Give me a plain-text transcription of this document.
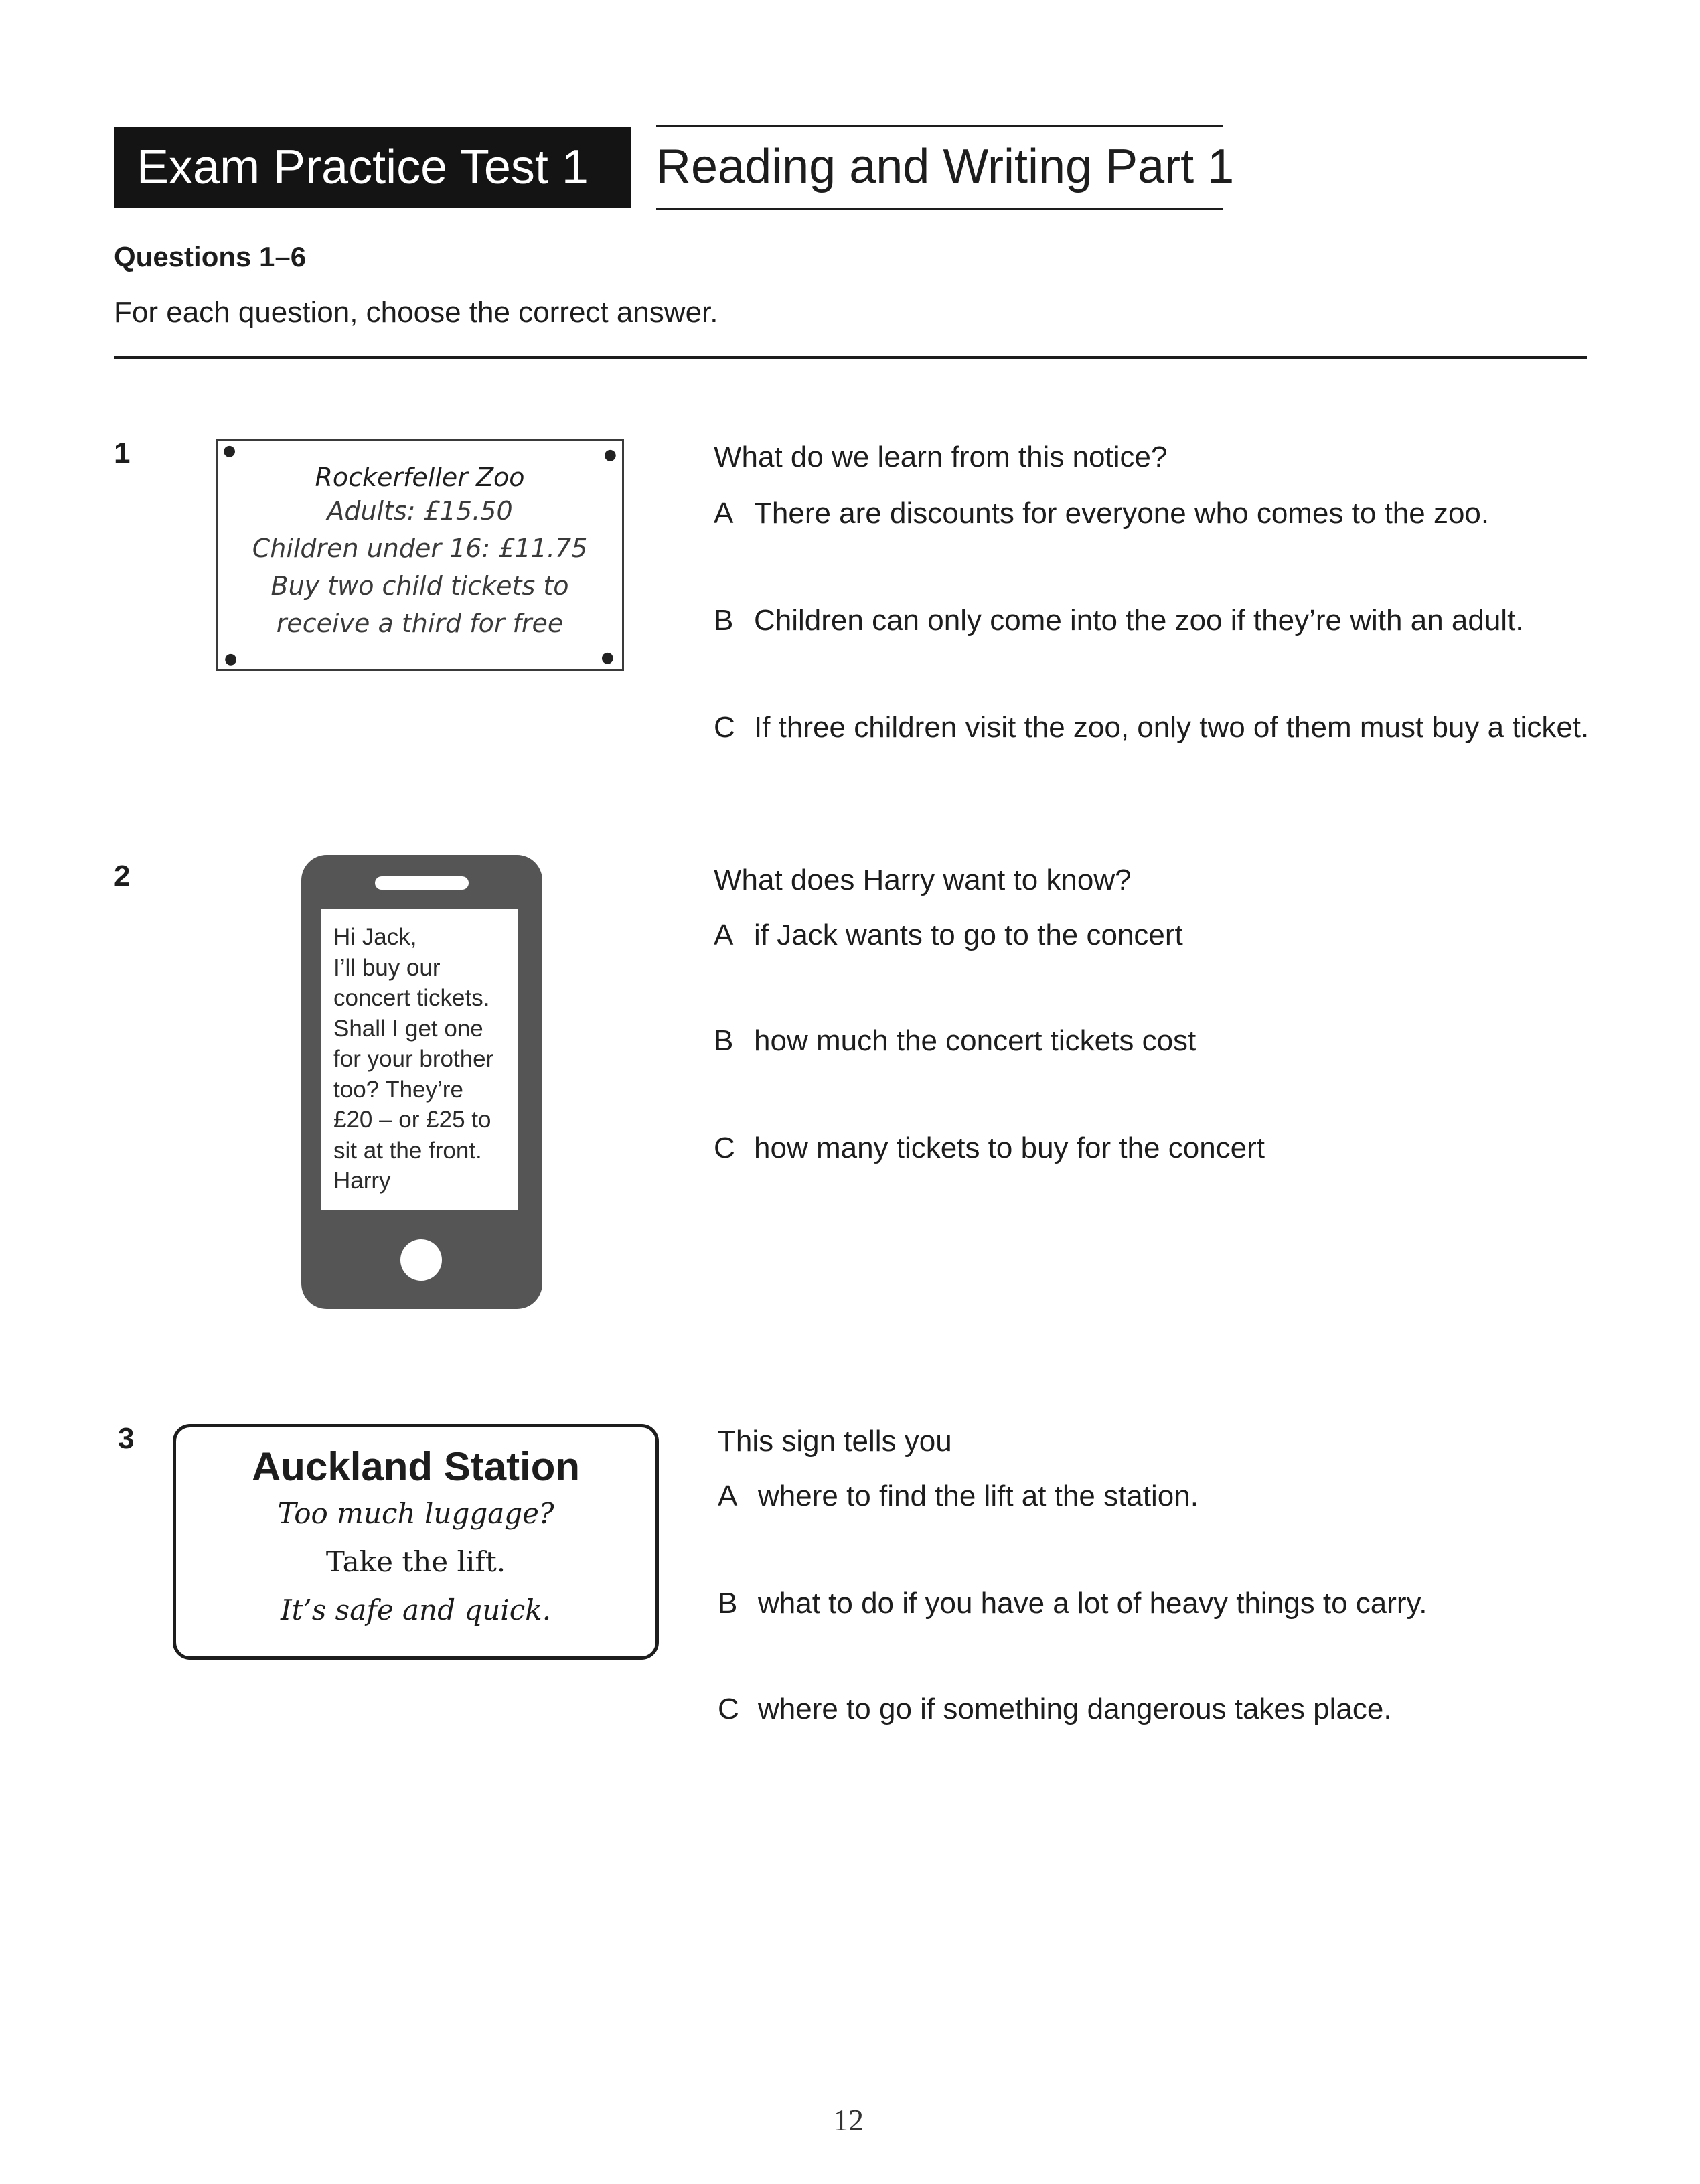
Exam Practice Test 1	Reading and Writing Part 1
Questions 1–6
For each question, choose the correct answer.
1	●	●
●	●
Rockerfeller Zoo
Adults: £15.50
Children under 16: £11.75
Buy two child tickets to
receive a third for free
What do we learn from this notice?
A There are discounts for everyone who comes to the zoo.
B Children can only come into the zoo if they’re with an adult.
C If three children visit the zoo, only two of them must buy a ticket.
2
Hi Jack,
I’ll buy our
concert tickets.
Shall I get one
for your brother
too? They’re
£20 – or £25 to
sit at the front.
Harry
What does Harry want to know?
A if Jack wants to go to the concert
B how much the concert tickets cost
C how many tickets to buy for the concert
3
Auckland Station
Too much luggage?
Take the lift.
It’s safe and quick.
This sign tells you
A where to find the lift at the station.
B what to do if you have a lot of heavy things to carry.
C where to go if something dangerous takes place.
12
